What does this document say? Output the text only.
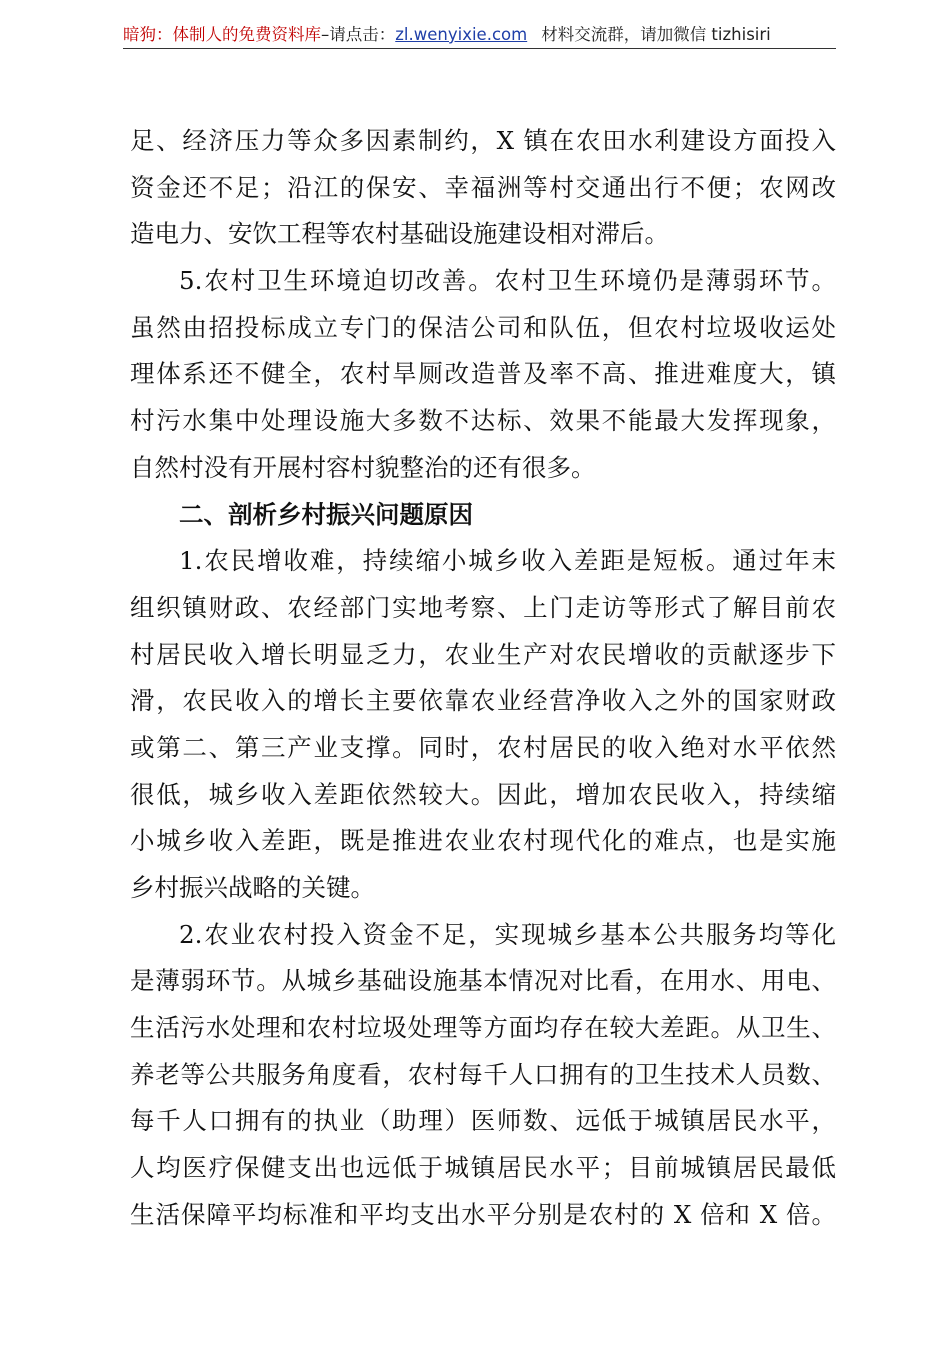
暗狗：体制人的免费资料库–请点击：zl.wenyixie.com 材料交流群，请加微信 tizhisiri
足、经济压力等众多因素制约，X 镇在农田水利建设方面投入
资金还不足；沿江的保安、幸福洲等村交通出行不便；农网改
造电力、安饮工程等农村基础设施建设相对滞后。
5.农村卫生环境迫切改善。农村卫生环境仍是薄弱环节。
虽然由招投标成立专门的保洁公司和队伍，但农村垃圾收运处
理体系还不健全，农村旱厕改造普及率不高、推进难度大，镇
村污水集中处理设施大多数不达标、效果不能最大发挥现象，
自然村没有开展村容村貌整治的还有很多。
二、剖析乡村振兴问题原因
1.农民增收难，持续缩小城乡收入差距是短板。通过年末
组织镇财政、农经部门实地考察、上门走访等形式了解目前农
村居民收入增长明显乏力，农业生产对农民增收的贡献逐步下
滑，农民收入的增长主要依靠农业经营净收入之外的国家财政
或第二、第三产业支撑。同时，农村居民的收入绝对水平依然
很低，城乡收入差距依然较大。因此，增加农民收入，持续缩
小城乡收入差距，既是推进农业农村现代化的难点，也是实施
乡村振兴战略的关键。
2.农业农村投入资金不足，实现城乡基本公共服务均等化
是薄弱环节。从城乡基础设施基本情况对比看，在用水、用电、
生活污水处理和农村垃圾处理等方面均存在较大差距。从卫生、
养老等公共服务角度看，农村每千人口拥有的卫生技术人员数、
每千人口拥有的执业（助理）医师数、远低于城镇居民水平，
人均医疗保健支出也远低于城镇居民水平；目前城镇居民最低
生活保障平均标准和平均支出水平分别是农村的 X 倍和 X 倍。
